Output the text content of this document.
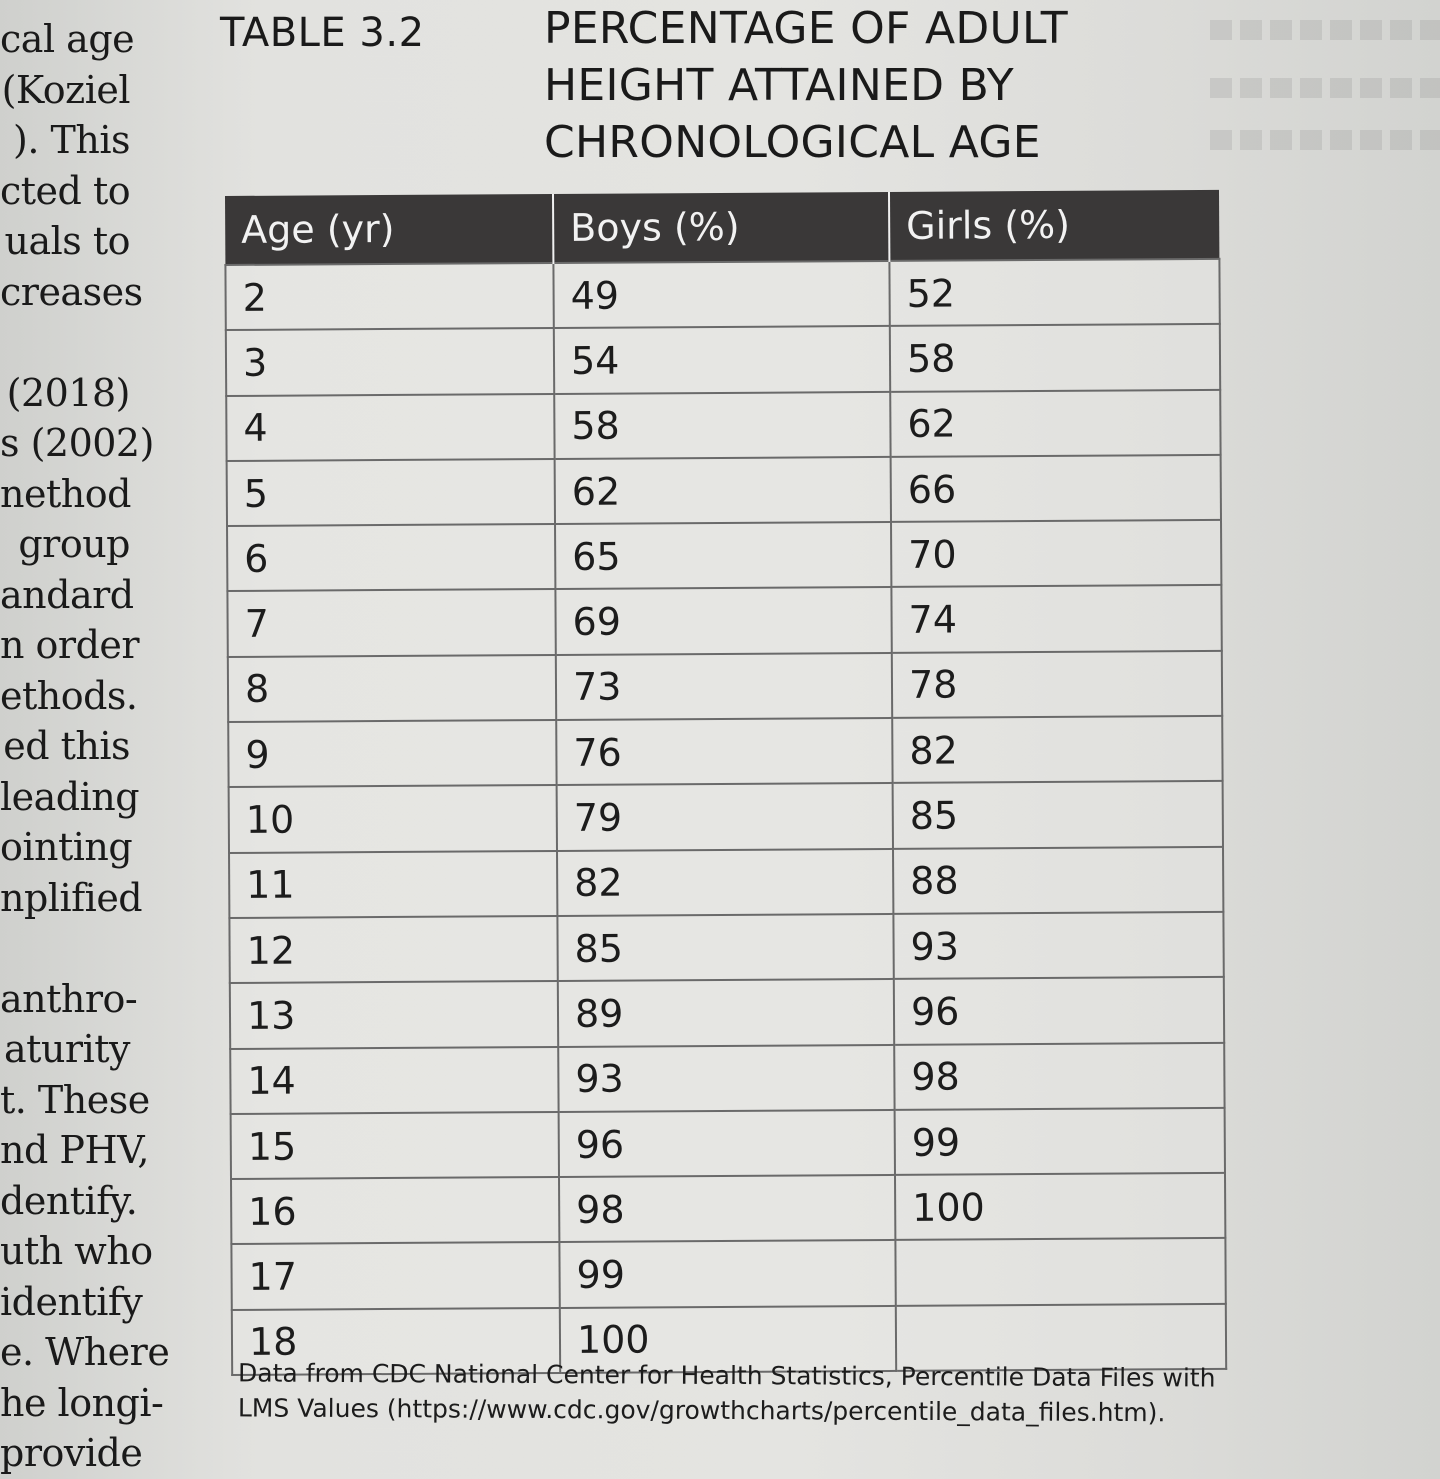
cal age
(Koziel
). This
cted to
uals to
creases
(2018)
s (2002)
nethod
group
andard
n order
ethods.
ed this
leading
ointing
nplified
anthro-
aturity
t. These
nd PHV,
dentify.
uth who
identify
e. Where
he longi-
provide
TABLE 3.2	PERCENTAGE OF ADULT
HEIGHT ATTAINED BY
CHRONOLOGICAL AGE
Age (yr)	Boys (%)	Girls (%)
2	49	52
3	54	58
4	58	62
5	62	66
6	65	70
7	69	74
8	73	78
9	76	82
10	79	85
11	82	88
12	85	93
13	89	96
14	93	98
15	96	99
16	98	100
17	99	
18	100	
Data from CDC National Center for Health Statistics, Percentile Data Files with
LMS Values (https://www.cdc.gov/growthcharts/percentile_data_files.htm).
